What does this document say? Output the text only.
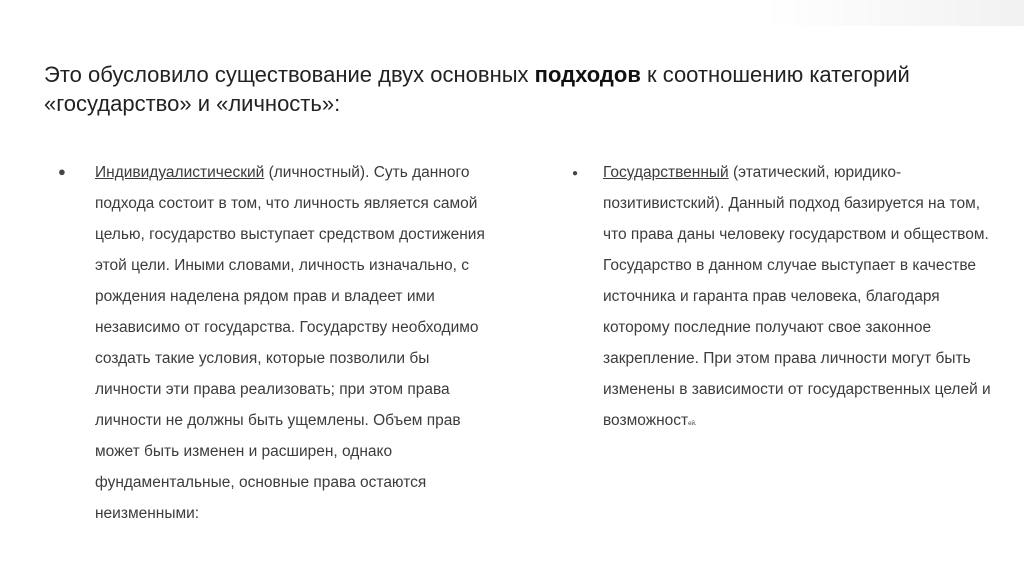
Это обусловило существование двух основных подходов к соотношению категорий «государство» и «личность»:
● Индивидуалистический (личностный). Суть данного подхода состоит в том, что личность является самой целью, государство выступает средством достижения этой цели. Иными словами, личность изначально, с рождения наделена рядом прав и владеет ими независимо от государства. Государству необходимо создать такие условия, которые позволили бы личности эти права реализовать; при этом права личности не должны быть ущемлены. Объем прав может быть изменен и расширен, однако фундаментальные, основные права остаются неизменными:
● Государственный (этатический, юридико-позитивистский). Данный подход базируется на том, что права даны человеку государством и обществом. Государство в данном случае выступает в качестве источника и гаранта прав человека, благодаря которому последние получают свое законное закрепление. При этом права личности могут быть изменены в зависимости от государственных целей и возможностей.
